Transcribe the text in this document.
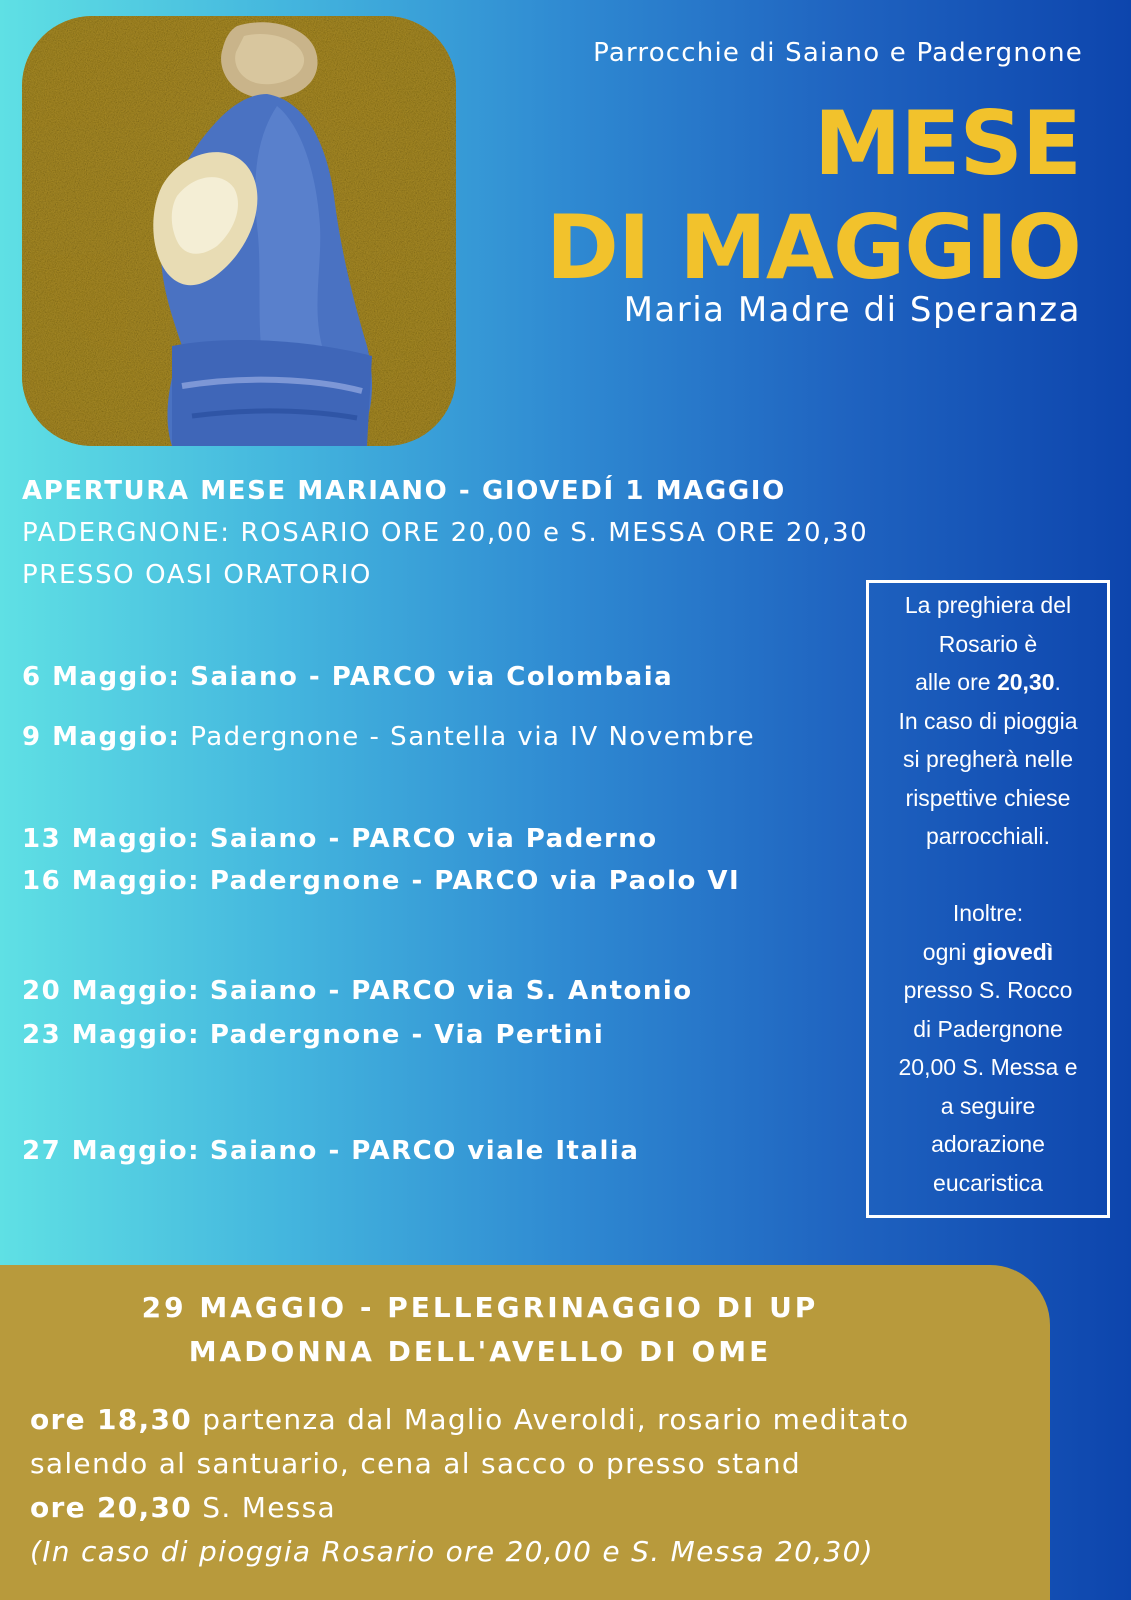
Parrocchie di Saiano e Padergnone
MESE
DI MAGGIO
Maria Madre di Speranza
APERTURA MESE MARIANO - GIOVEDÍ 1 MAGGIO
PADERGNONE: ROSARIO ORE 20,00 e S. MESSA ORE 20,30
PRESSO OASI ORATORIO
6 Maggio: Saiano - PARCO via Colombaia
9 Maggio: Padergnone - Santella via IV Novembre
13 Maggio: Saiano - PARCO via Paderno
16 Maggio: Padergnone - PARCO via Paolo VI
20 Maggio: Saiano - PARCO via S. Antonio
23 Maggio: Padergnone - Via Pertini
27 Maggio: Saiano - PARCO viale Italia

La preghiera del

Rosario è

alle ore 20,30.

In caso di pioggia

si pregherà nelle

rispettive chiese

parrocchiali.

Inoltre:

ogni giovedì

presso S. Rocco

di Padergnone

20,00 S. Messa e

a seguire

adorazione

eucaristica

29 MAGGIO - PELLEGRINAGGIO DI UP
MADONNA DELL'AVELLO DI OME
ore 18,30 partenza dal Maglio Averoldi, rosario meditato
salendo al santuario, cena al sacco o presso stand
ore 20,30 S. Messa
(In caso di pioggia Rosario ore 20,00 e S. Messa 20,30)
